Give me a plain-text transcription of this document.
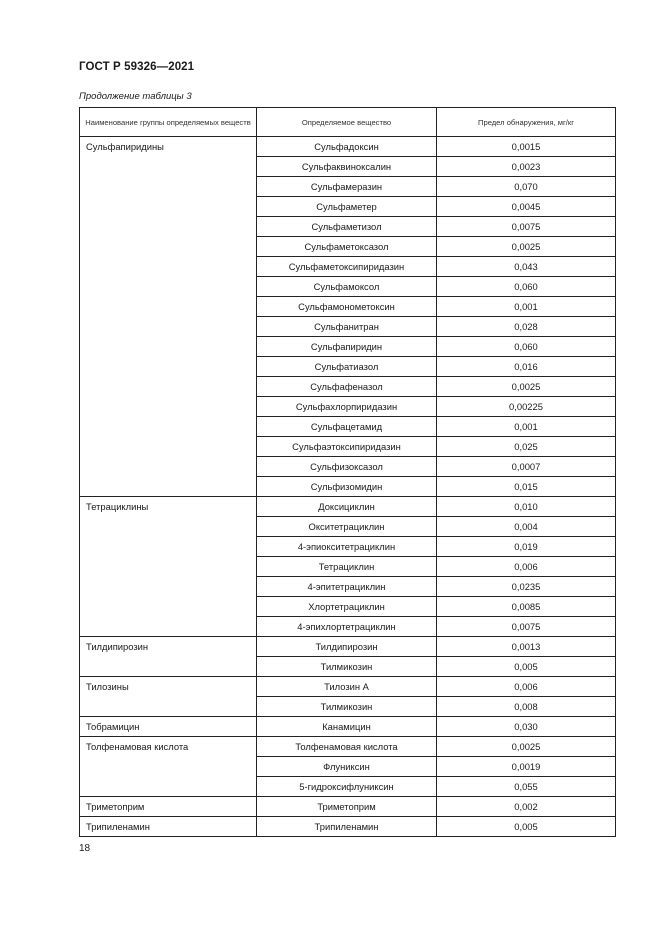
ГОСТ Р 59326—2021
Продолжение таблицы 3
Наименование группы определяемых веществ	Определяемое вещество	Предел обнаружения, мг/кг
Сульфапиридины	Сульфадоксин	0,0015
	Сульфаквиноксалин	0,0023
	Сульфамеразин	0,070
	Сульфаметер	0,0045
	Сульфаметизол	0,0075
	Сульфаметоксазол	0,0025
	Сульфаметоксипиридазин	0,043
	Сульфамоксол	0,060
	Сульфамонометоксин	0,001
	Сульфанитран	0,028
	Сульфапиридин	0,060
	Сульфатиазол	0,016
	Сульфафеназол	0,0025
	Сульфахлорпиридазин	0,00225
	Сульфацетамид	0,001
	Сульфаэтоксипиридазин	0,025
	Сульфизоксазол	0,0007
	Сульфизомидин	0,015
Тетрациклины	Доксициклин	0,010
	Окситетрациклин	0,004
	4-эпиокситетрациклин	0,019
	Тетрациклин	0,006
	4-эпитетрациклин	0,0235
	Хлортетрациклин	0,0085
	4-эпихлортетрациклин	0,0075
Тилдипирозин	Тилдипирозин	0,0013
	Тилмикозин	0,005
Тилозины	Тилозин А	0,006
	Тилмикозин	0,008
Тобрамицин	Канамицин	0,030
Толфенамовая кислота	Толфенамовая кислота	0,0025
	Флуниксин	0,0019
	5-гидроксифлуниксин	0,055
Триметоприм	Триметоприм	0,002
Трипиленамин	Трипиленамин	0,005
18
